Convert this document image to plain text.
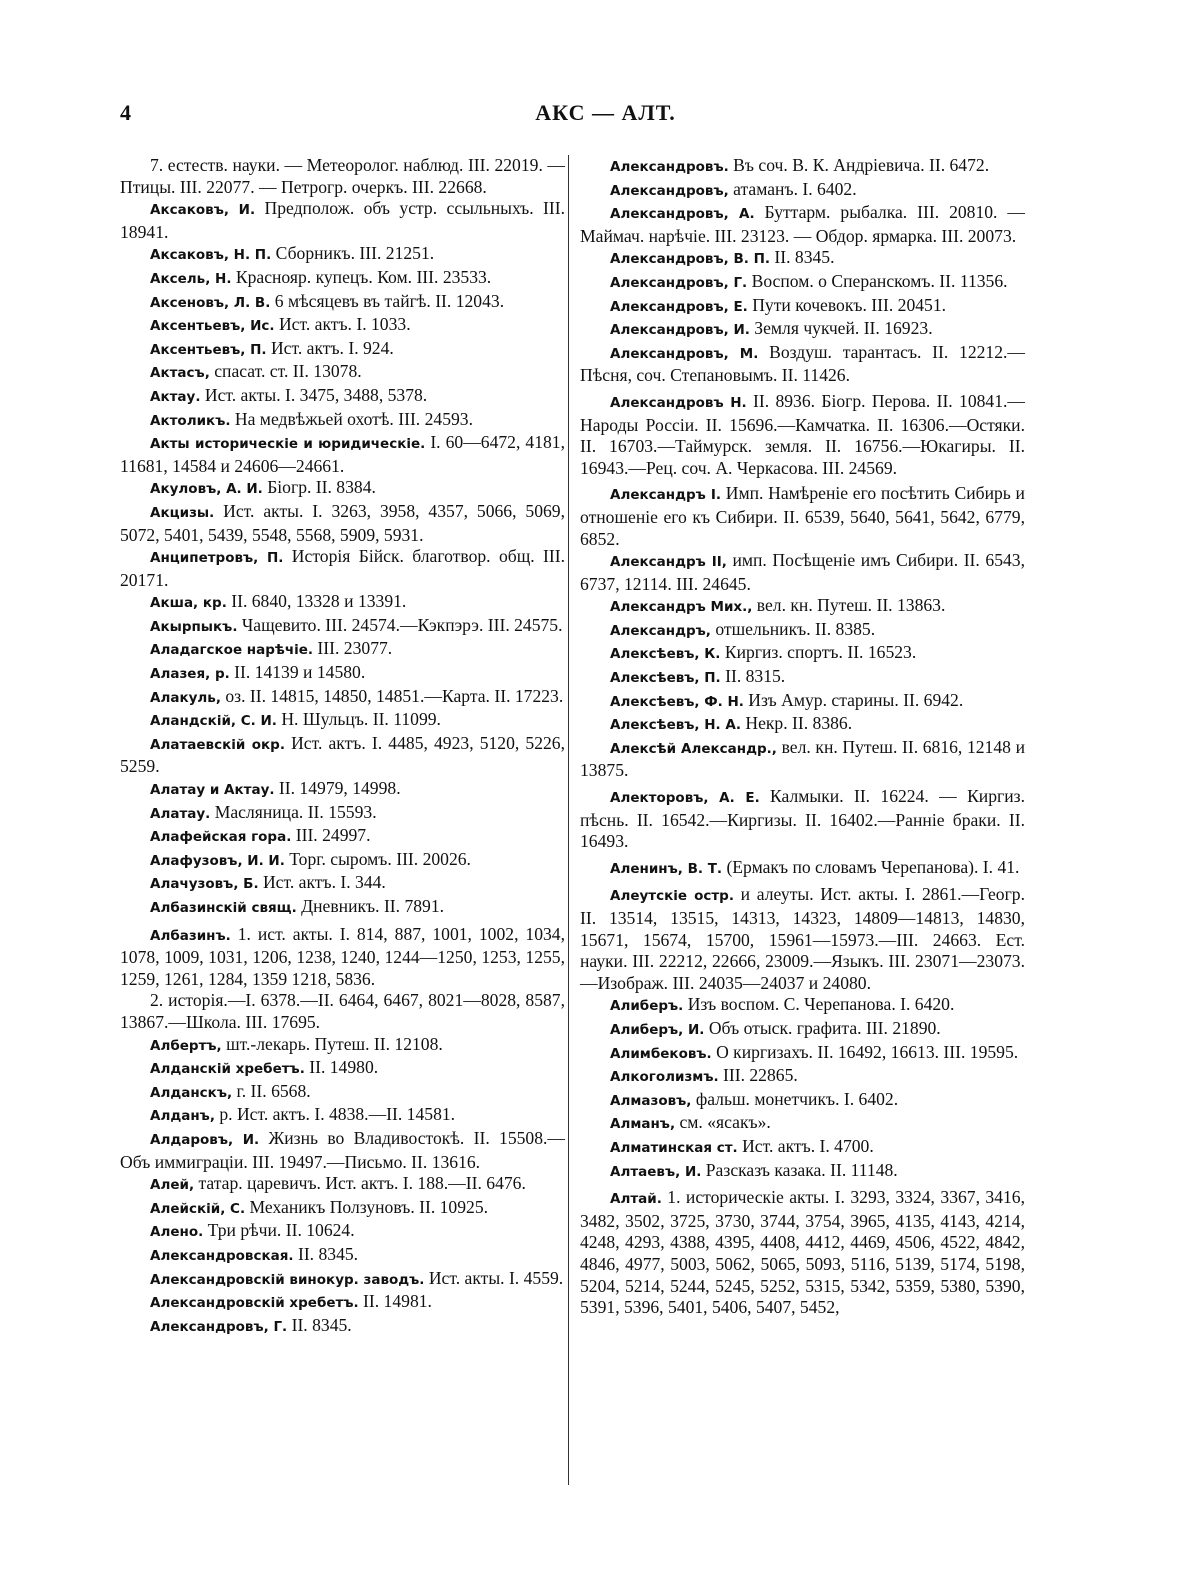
4	АКС — АЛТ.

7. естеств. науки. — Метеоролог. наблюд. III. 22019. — Птицы. III. 22077. — Петрогр. очеркъ. III. 22668.

Аксаковъ, И. Предполож. объ устр. ссыльныхъ. III. 18941.

Аксаковъ, Н. П. Сборникъ. III. 21251.

Аксель, Н. Краснояр. купецъ. Ком. III. 23533.

Аксеновъ, Л. В. 6 мѣсяцевъ въ тайгѣ. II. 12043.

Аксентьевъ, Ис. Ист. актъ. I. 1033.

Аксентьевъ, П. Ист. актъ. I. 924.

Актасъ, спасат. ст. II. 13078.

Актау. Ист. акты. I. 3475, 3488, 5378.

Актоликъ. На медвѣжьей охотѣ. III. 24593.

Акты историческіе и юридическіе. I. 60—6472, 4181, 11681, 14584 и 24606—24661.

Акуловъ, А. И. Біогр. II. 8384.

Акцизы. Ист. акты. I. 3263, 3958, 4357, 5066, 5069, 5072, 5401, 5439, 5548, 5568, 5909, 5931.

Анципетровъ, П. Исторія Бійск. благотвор. общ. III. 20171.

Акша, кр. II. 6840, 13328 и 13391.

Акырпыкъ. Чащевито. III. 24574.—Кэкпэрэ. III. 24575.

Аладагское нарѣчіе. III. 23077.

Алазея, р. II. 14139 и 14580.

Алакуль, оз. II. 14815, 14850, 14851.—Карта. II. 17223.

Аландскій, С. И. Н. Шульцъ. II. 11099.

Алатаевскій окр. Ист. актъ. I. 4485, 4923, 5120, 5226, 5259.

Алатау и Актау. II. 14979, 14998.

Алатау. Масляница. II. 15593.

Алафейская гора. III. 24997.

Алафузовъ, И. И. Торг. сыромъ. III. 20026.

Алачузовъ, Б. Ист. актъ. I. 344.

Албазинскій свящ. Дневникъ. II. 7891.

Албазинъ. 1. ист. акты. I. 814, 887, 1001, 1002, 1034, 1078, 1009, 1031, 1206, 1238, 1240, 1244—1250, 1253, 1255, 1259, 1261, 1284, 1359 1218, 5836.

2. исторія.—I. 6378.—II. 6464, 6467, 8021—8028, 8587, 13867.—Школа. III. 17695.

Албертъ, шт.-лекарь. Путеш. II. 12108.

Алданскій хребетъ. II. 14980.

Алданскъ, г. II. 6568.

Алданъ, р. Ист. актъ. I. 4838.—II. 14581.

Алдаровъ, И. Жизнь во Владивостокѣ. II. 15508.—Объ иммиграціи. III. 19497.—Письмо. II. 13616.

Алей, татар. царевичъ. Ист. актъ. I. 188.—II. 6476.

Алейскій, С. Механикъ Ползуновъ. II. 10925.

Алено. Три рѣчи. II. 10624.

Александровская. II. 8345.

Александровскій винокур. заводъ. Ист. акты. I. 4559.

Александровскій хребетъ. II. 14981.

Александровъ, Г. II. 8345.

Александровъ. Въ соч. В. К. Андріевича. II. 6472.

Александровъ, атаманъ. I. 6402.

Александровъ, А. Буттарм. рыбалка. III. 20810. — Маймач. нарѣчіе. III. 23123. — Обдор. ярмарка. III. 20073.

Александровъ, В. П. II. 8345.

Александровъ, Г. Воспом. о Сперанскомъ. II. 11356.

Александровъ, Е. Пути кочевокъ. III. 20451.

Александровъ, И. Земля чукчей. II. 16923.

Александровъ, М. Воздуш. тарантасъ. II. 12212.—Пѣсня, соч. Степановымъ. II. 11426.

Александровъ Н. II. 8936. Біогр. Перова. II. 10841.—Народы Россіи. II. 15696.—Камчатка. II. 16306.—Остяки. II. 16703.—Таймурск. земля. II. 16756.—Юкагиры. II. 16943.—Рец. соч. А. Черкасова. III. 24569.

Александръ I. Имп. Намѣреніе его посѣтить Сибирь и отношеніе его къ Сибири. II. 6539, 5640, 5641, 5642, 6779, 6852.

Александръ II, имп. Посѣщеніе имъ Сибири. II. 6543, 6737, 12114. III. 24645.

Александръ Мих., вел. кн. Путеш. II. 13863.

Александръ, отшельникъ. II. 8385.

Алексѣевъ, К. Киргиз. спортъ. II. 16523.

Алексѣевъ, П. II. 8315.

Алексѣевъ, Ф. Н. Изъ Амур. старины. II. 6942.

Алексѣевъ, Н. А. Некр. II. 8386.

Алексѣй Александр., вел. кн. Путеш. II. 6816, 12148 и 13875.

Алекторовъ, А. Е. Калмыки. II. 16224. — Киргиз. пѣснь. II. 16542.—Киргизы. II. 16402.—Ранніе браки. II. 16493.

Аленинъ, В. Т. (Ермакъ по словамъ Черепанова). I. 41.

Алеутскіе остр. и алеуты. Ист. акты. I. 2861.—Геогр. II. 13514, 13515, 14313, 14323, 14809—14813, 14830, 15671, 15674, 15700, 15961—15973.—III. 24663. Ест. науки. III. 22212, 22666, 23009.—Языкъ. III. 23071—23073.—Изображ. III. 24035—24037 и 24080.

Алиберъ. Изъ воспом. С. Черепанова. I. 6420.

Алиберъ, И. Объ отыск. графита. III. 21890.

Алимбековъ. О киргизахъ. II. 16492, 16613. III. 19595.

Алкоголизмъ. III. 22865.

Алмазовъ, фальш. монетчикъ. I. 6402.

Алманъ, см. «ясакъ».

Алматинская ст. Ист. актъ. I. 4700.

Алтаевъ, И. Разсказъ казака. II. 11148.

Алтай. 1. историческіе акты. I. 3293, 3324, 3367, 3416, 3482, 3502, 3725, 3730, 3744, 3754, 3965, 4135, 4143, 4214, 4248, 4293, 4388, 4395, 4408, 4412, 4469, 4506, 4522, 4842, 4846, 4977, 5003, 5062, 5065, 5093, 5116, 5139, 5174, 5198, 5204, 5214, 5244, 5245, 5252, 5315, 5342, 5359, 5380, 5390, 5391, 5396, 5401, 5406, 5407, 5452,
